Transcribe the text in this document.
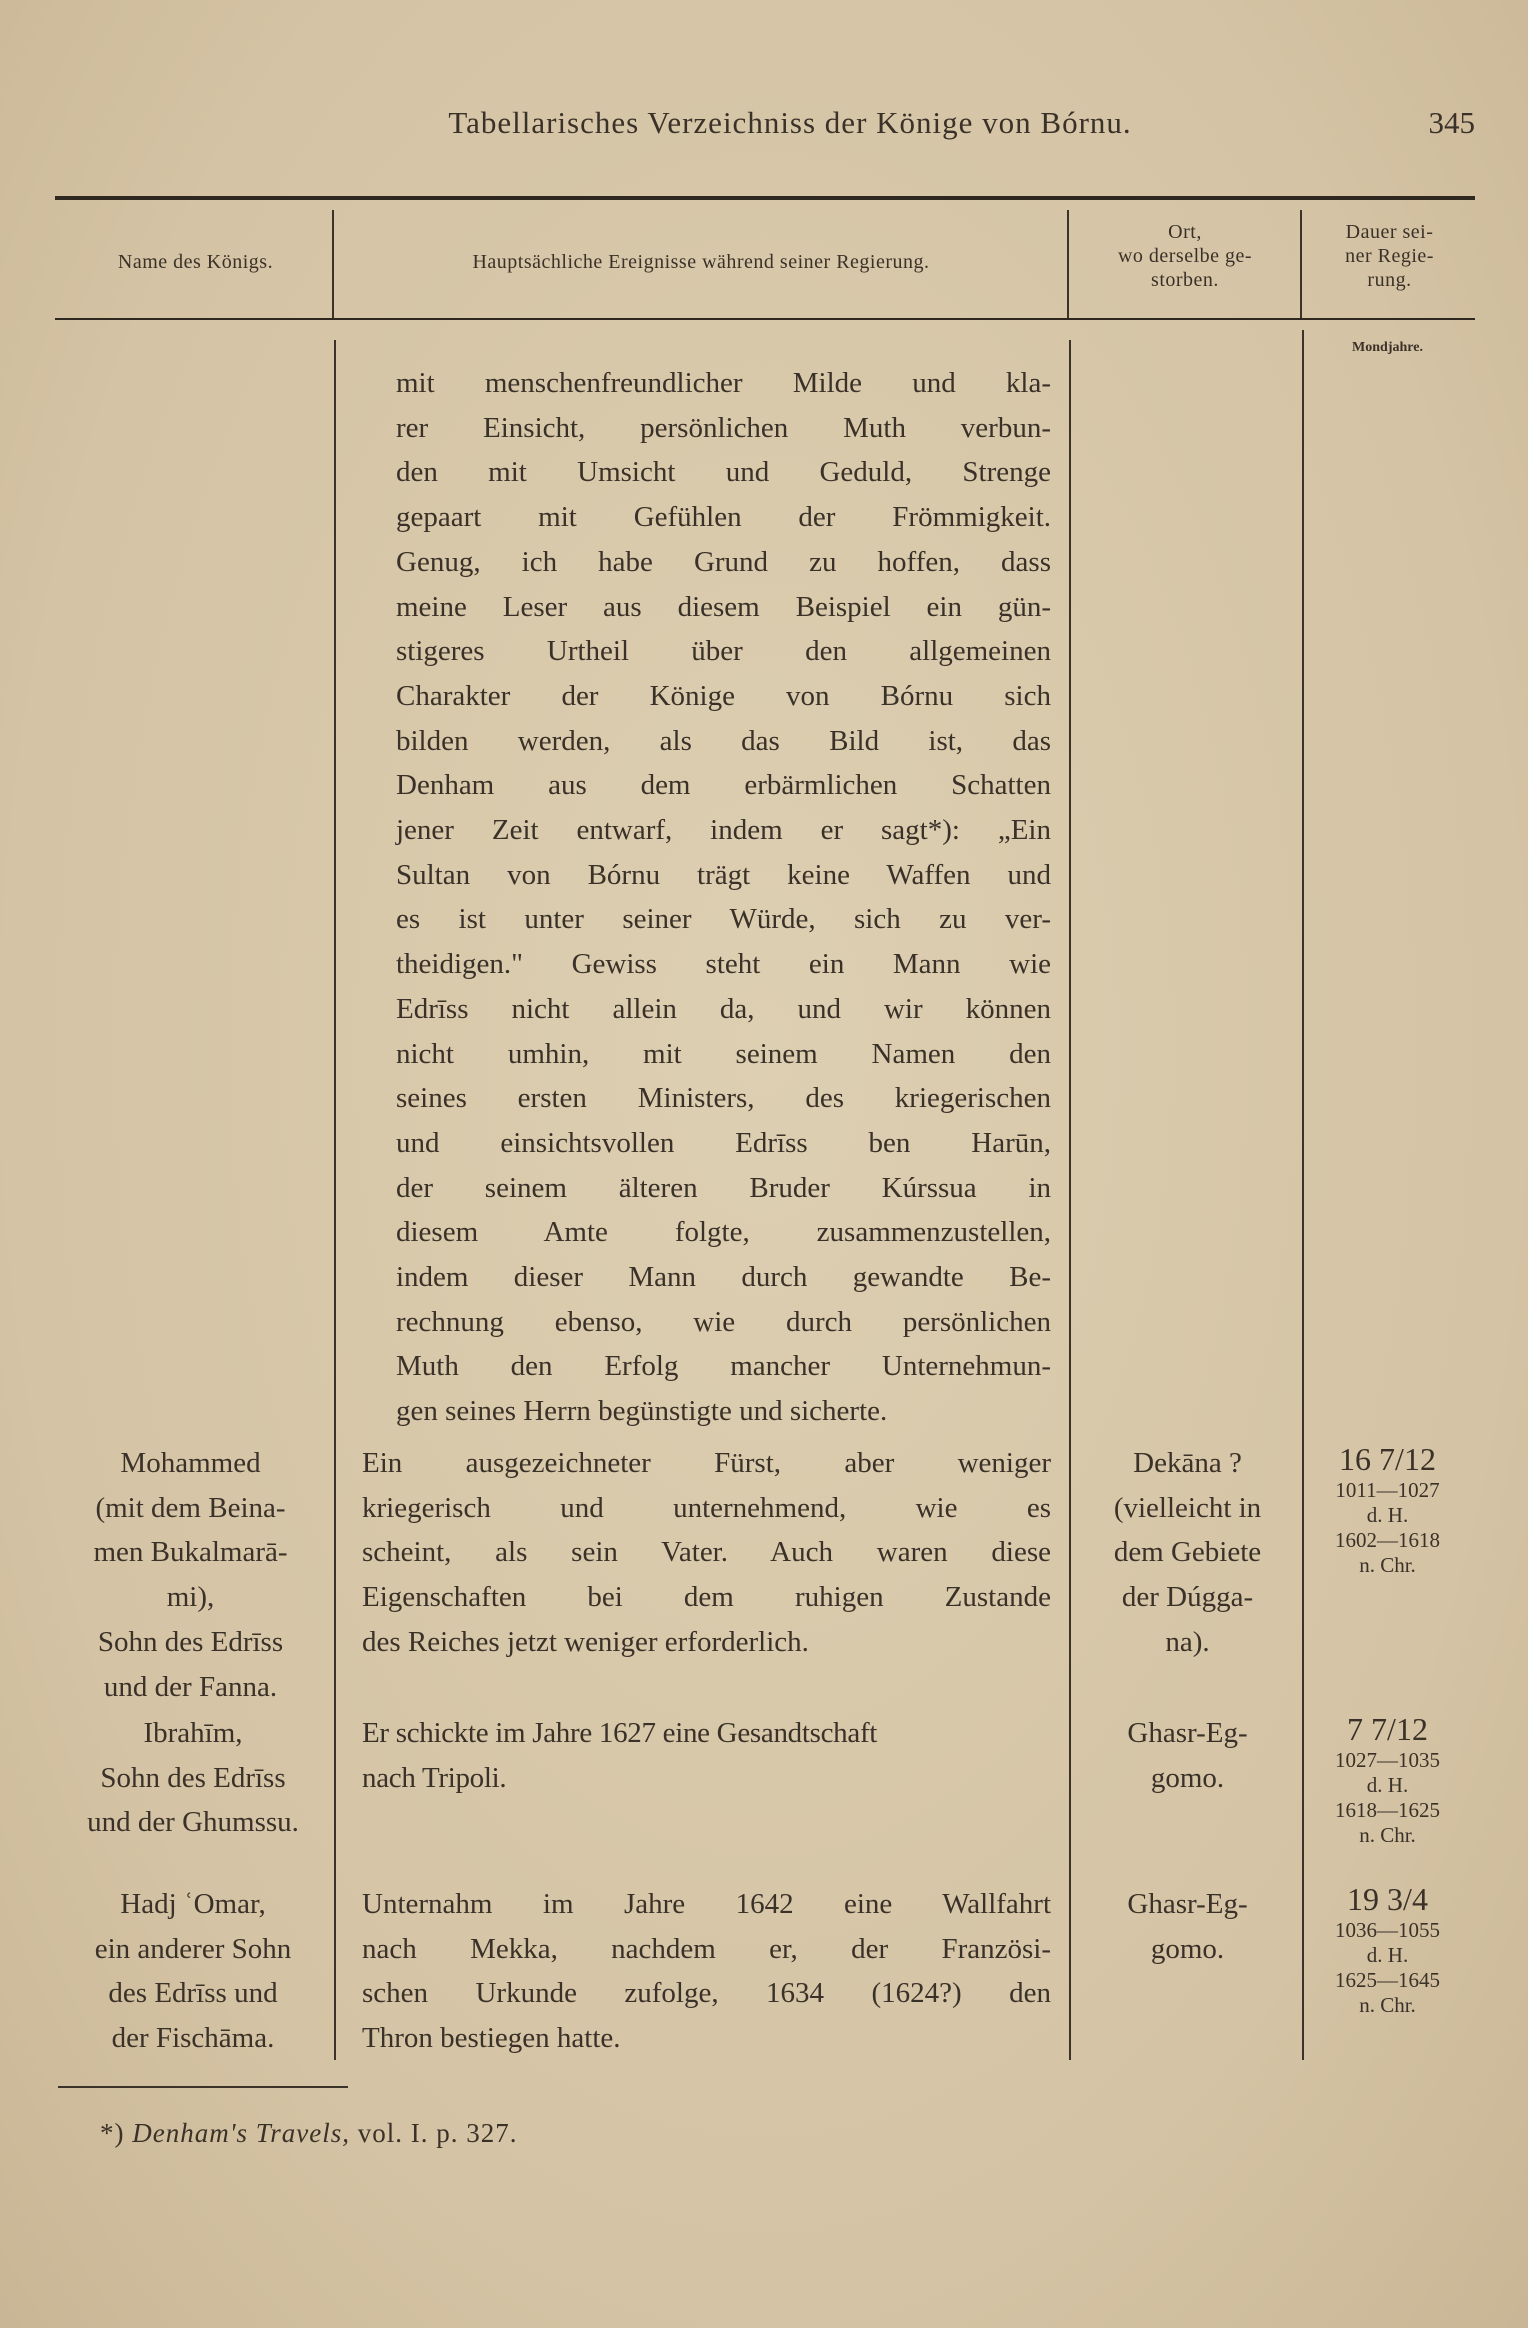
Tabellarisches Verzeichniss der Könige von Bórnu.	345
Name des Königs.	Hauptsächliche Ereignisse während seiner Regierung.
Ort,
wo derselbe ge-
storben.
Dauer sei-
ner Regie-
rung.
Mondjahre.
mit menschenfreundlicher Milde und kla-
rer Einsicht, persönlichen Muth verbun-
den mit Umsicht und Geduld, Strenge
gepaart mit Gefühlen der Frömmigkeit.
Genug, ich habe Grund zu hoffen, dass
meine Leser aus diesem Beispiel ein gün-
stigeres Urtheil über den allgemeinen
Charakter der Könige von Bórnu sich
bilden werden, als das Bild ist, das
Denham aus dem erbärmlichen Schatten
jener Zeit entwarf, indem er sagt*): „Ein
Sultan von Bórnu trägt keine Waffen und
es ist unter seiner Würde, sich zu ver-
theidigen." Gewiss steht ein Mann wie
Edrīss nicht allein da, und wir können
nicht umhin, mit seinem Namen den
seines ersten Ministers, des kriegerischen
und einsichtsvollen Edrīss ben Harūn,
der seinem älteren Bruder Kúrssua in
diesem Amte folgte, zusammenzustellen,
indem dieser Mann durch gewandte Be-
rechnung ebenso, wie durch persönlichen
Muth den Erfolg mancher Unternehmun-
gen seines Herrn begünstigte und sicherte.
Mohammed
(mit dem Beina-
men Bukalmarā-
mi),
Sohn des Edrīss
und der Fanna.
Ein ausgezeichneter Fürst, aber weniger
kriegerisch und unternehmend, wie es
scheint, als sein Vater. Auch waren diese
Eigenschaften bei dem ruhigen Zustande
des Reiches jetzt weniger erforderlich.
Dekāna ?
(vielleicht in
dem Gebiete
der Dúgga-
na).
16 7/12
1011—1027
d. H.
1602—1618
n. Chr.
Ibrahīm,
Sohn des Edrīss
und der Ghumssu.
Er schickte im Jahre 1627 eine Gesandtschaft
nach Tripoli.
Ghasr-Eg-
gomo.
7 7/12
1027—1035
d. H.
1618—1625
n. Chr.
Hadj ʿOmar,
ein anderer Sohn
des Edrīss und
der Fischāma.
Unternahm im Jahre 1642 eine Wallfahrt
nach Mekka, nachdem er, der Französi-
schen Urkunde zufolge, 1634 (1624?) den
Thron bestiegen hatte.
Ghasr-Eg-
gomo.
19 3/4
1036—1055
d. H.
1625—1645
n. Chr.
*) Denham's Travels, vol. I. p. 327.
